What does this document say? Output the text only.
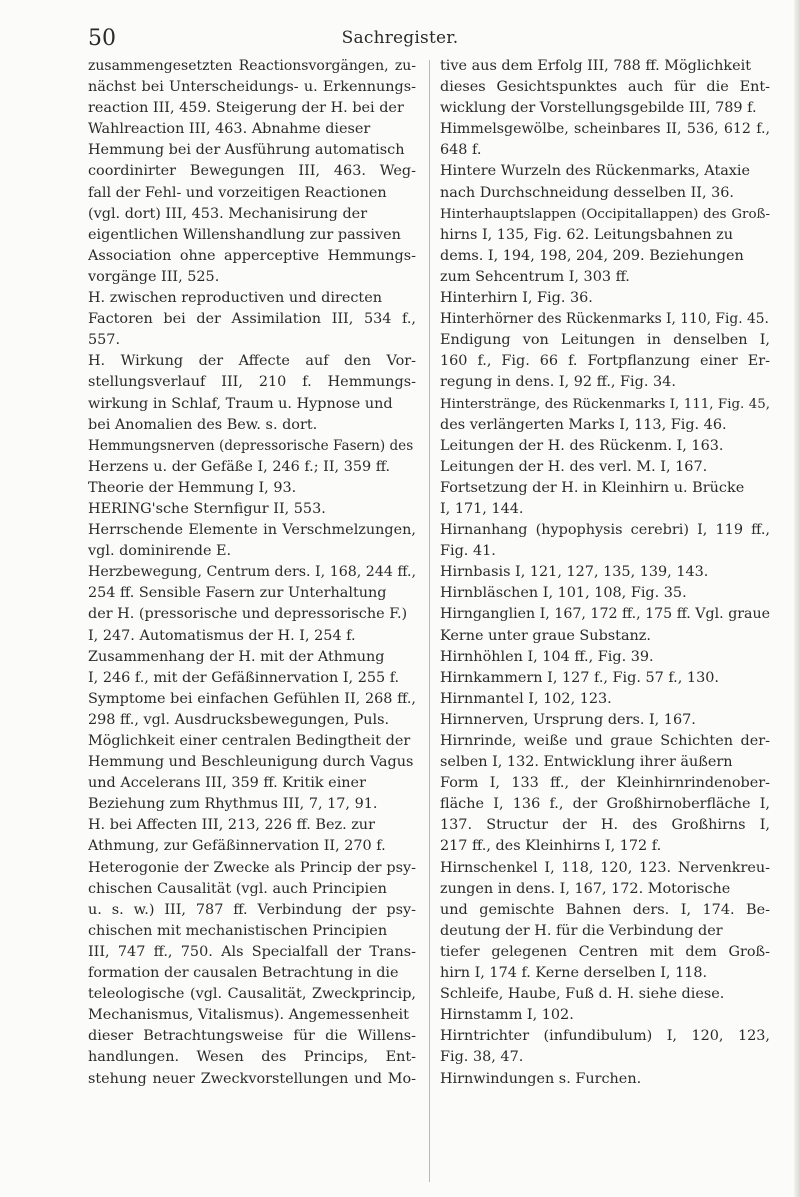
50	Sachregister.
zusammengesetzten Reactionsvorgängen, zu-
nächst bei Unterscheidungs- u. Erkennungs-
reaction III, 459. Steigerung der H. bei der
Wahlreaction III, 463. Abnahme dieser
Hemmung bei der Ausführung automatisch
coordinirter Bewegungen III, 463. Weg-
fall der Fehl- und vorzeitigen Reactionen
(vgl. dort) III, 453. Mechanisirung der
eigentlichen Willenshandlung zur passiven
Association ohne apperceptive Hemmungs-
vorgänge III, 525.
H. zwischen reproductiven und directen
Factoren bei der Assimilation III, 534 f.,
557.
H. Wirkung der Affecte auf den Vor-
stellungsverlauf III, 210 f. Hemmungs-
wirkung in Schlaf, Traum u. Hypnose und
bei Anomalien des Bew. s. dort.
Hemmungsnerven (depressorische Fasern) des
Herzens u. der Gefäße I, 246 f.; II, 359 ff.
Theorie der Hemmung I, 93.
HERING'sche Sternfigur II, 553.
Herrschende Elemente in Verschmelzungen,
vgl. dominirende E.
Herzbewegung, Centrum ders. I, 168, 244 ff.,
254 ff. Sensible Fasern zur Unterhaltung
der H. (pressorische und depressorische F.)
I, 247. Automatismus der H. I, 254 f.
Zusammenhang der H. mit der Athmung
I, 246 f., mit der Gefäßinnervation I, 255 f.
Symptome bei einfachen Gefühlen II, 268 ff.,
298 ff., vgl. Ausdrucksbewegungen, Puls.
Möglichkeit einer centralen Bedingtheit der
Hemmung und Beschleunigung durch Vagus
und Accelerans III, 359 ff. Kritik einer
Beziehung zum Rhythmus III, 7, 17, 91.
H. bei Affecten III, 213, 226 ff. Bez. zur
Athmung, zur Gefäßinnervation II, 270 f.
Heterogonie der Zwecke als Princip der psy-
chischen Causalität (vgl. auch Principien
u. s. w.) III, 787 ff. Verbindung der psy-
chischen mit mechanistischen Principien
III, 747 ff., 750. Als Specialfall der Trans-
formation der causalen Betrachtung in die
teleologische (vgl. Causalität, Zweckprincip,
Mechanismus, Vitalismus). Angemessenheit
dieser Betrachtungsweise für die Willens-
handlungen. Wesen des Princips, Ent-
stehung neuer Zweckvorstellungen und Mo-
tive aus dem Erfolg III, 788 ff. Möglichkeit
dieses Gesichtspunktes auch für die Ent-
wicklung der Vorstellungsgebilde III, 789 f.
Himmelsgewölbe, scheinbares II, 536, 612 f.,
648 f.
Hintere Wurzeln des Rückenmarks, Ataxie
nach Durchschneidung desselben II, 36.
Hinterhauptslappen (Occipitallappen) des Groß-
hirns I, 135, Fig. 62. Leitungsbahnen zu
dems. I, 194, 198, 204, 209. Beziehungen
zum Sehcentrum I, 303 ff.
Hinterhirn I, Fig. 36.
Hinterhörner des Rückenmarks I, 110, Fig. 45.
Endigung von Leitungen in denselben I,
160 f., Fig. 66 f. Fortpflanzung einer Er-
regung in dens. I, 92 ff., Fig. 34.
Hinterstränge, des Rückenmarks I, 111, Fig. 45,
des verlängerten Marks I, 113, Fig. 46.
Leitungen der H. des Rückenm. I, 163.
Leitungen der H. des verl. M. I, 167.
Fortsetzung der H. in Kleinhirn u. Brücke
I, 171, 144.
Hirnanhang (hypophysis cerebri) I, 119 ff.,
Fig. 41.
Hirnbasis I, 121, 127, 135, 139, 143.
Hirnbläschen I, 101, 108, Fig. 35.
Hirnganglien I, 167, 172 ff., 175 ff. Vgl. graue
Kerne unter graue Substanz.
Hirnhöhlen I, 104 ff., Fig. 39.
Hirnkammern I, 127 f., Fig. 57 f., 130.
Hirnmantel I, 102, 123.
Hirnnerven, Ursprung ders. I, 167.
Hirnrinde, weiße und graue Schichten der-
selben I, 132. Entwicklung ihrer äußern
Form I, 133 ff., der Kleinhirnrindenober-
fläche I, 136 f., der Großhirnoberfläche I,
137. Structur der H. des Großhirns I,
217 ff., des Kleinhirns I, 172 f.
Hirnschenkel I, 118, 120, 123. Nervenkreu-
zungen in dens. I, 167, 172. Motorische
und gemischte Bahnen ders. I, 174. Be-
deutung der H. für die Verbindung der
tiefer gelegenen Centren mit dem Groß-
hirn I, 174 f. Kerne derselben I, 118.
Schleife, Haube, Fuß d. H. siehe diese.
Hirnstamm I, 102.
Hirntrichter (infundibulum) I, 120, 123,
Fig. 38, 47.
Hirnwindungen s. Furchen.
